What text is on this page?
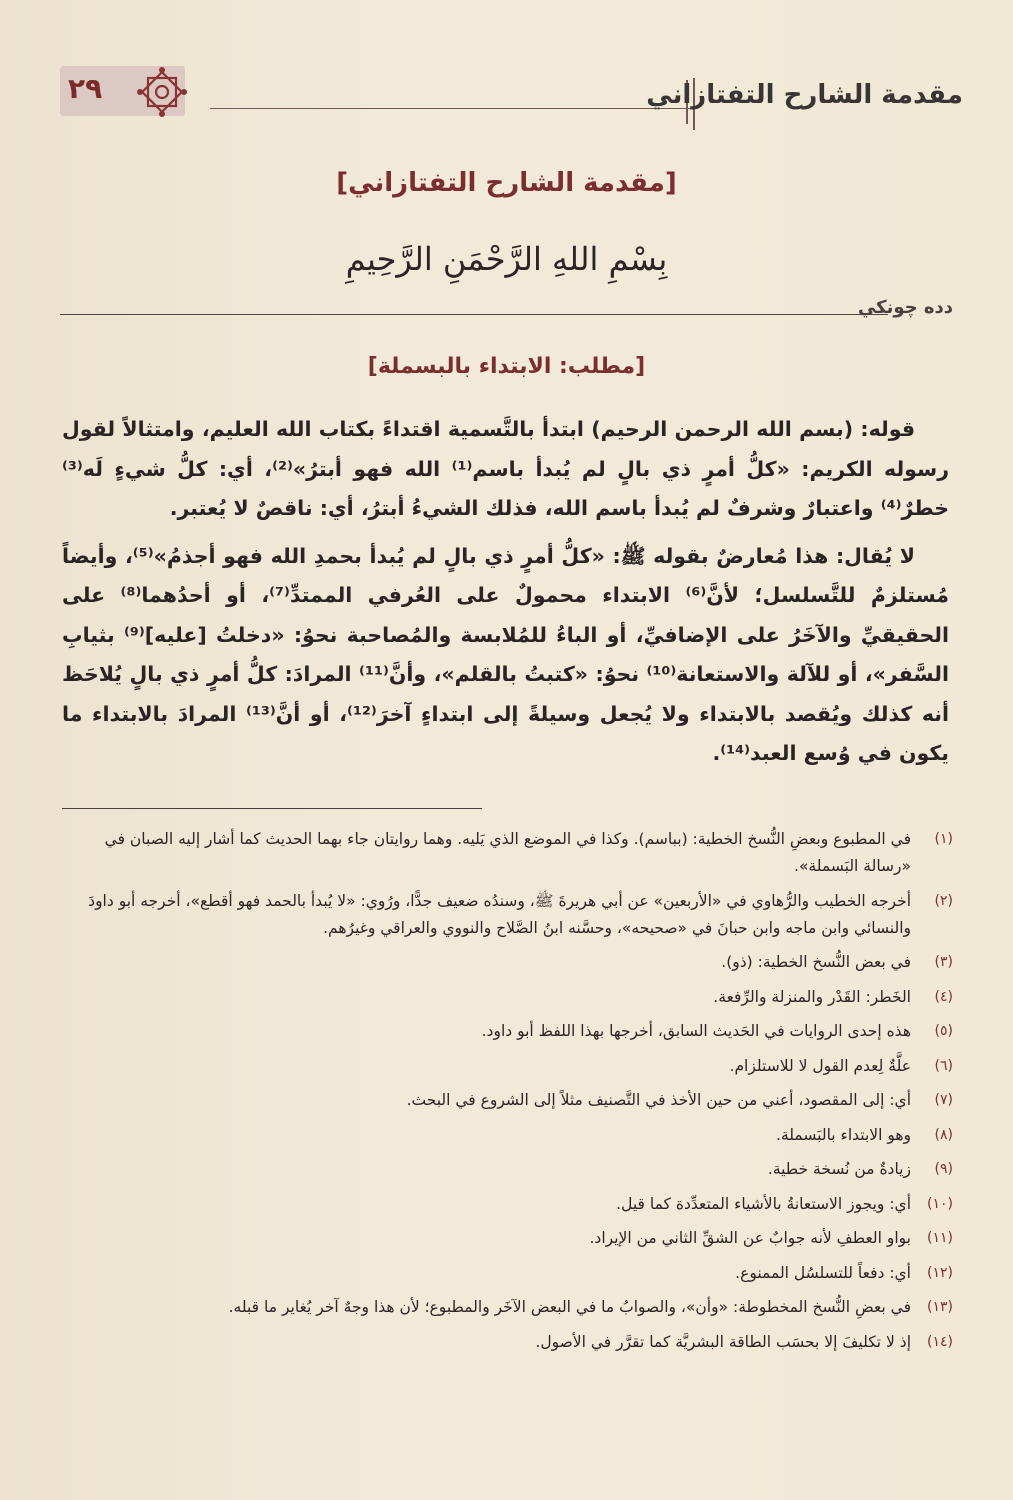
٢٩	مقدمة الشارح التفتازاني
[مقدمة الشارح التفتازاني]
بِسْمِ اللهِ الرَّحْمَنِ الرَّحِيمِ
دده چونكي
[مطلب: الابتداء بالبسملة]

قوله: (بسم الله الرحمن الرحيم) ابتدأ بالتَّسمية اقتداءً بكتاب الله العليم، وامتثالاً لقول رسوله الكريم: «كلُّ أمرٍ ذي بالٍ لم يُبدأ باسم⁽¹⁾ الله فهو أبترُ»⁽²⁾، أي: كلُّ شيءٍ لَه⁽³⁾ خطرٌ⁽⁴⁾ واعتبارٌ وشرفٌ لم يُبدأ باسم الله، فذلك الشيءُ أبترُ، أي: ناقصٌ لا يُعتبر.

لا يُقال: هذا مُعارضٌ بقوله ﷺ: «كلُّ أمرٍ ذي بالٍ لم يُبدأ بحمدِ الله فهو أجذمُ»⁽⁵⁾، وأيضاً مُستلزمٌ للتَّسلسل؛ لأنَّ⁽⁶⁾ الابتداء محمولٌ على العُرفي الممتدِّ⁽⁷⁾، أو أحدُهما⁽⁸⁾ على الحقيقيِّ والآخَرُ على الإضافيِّ، أو الباءُ للمُلابسة والمُصاحبة نحوُ: «دخلتُ [عليه]⁽⁹⁾ بثيابِ السَّفر»، أو للآلة والاستعانة⁽¹⁰⁾ نحوُ: «كتبتُ بالقلم»، وأنَّ⁽¹¹⁾ المرادَ: كلُّ أمرٍ ذي بالٍ يُلاحَظ أنه كذلك ويُقصد بالابتداء ولا يُجعل وسيلةً إلى ابتداءٍ آخرَ⁽¹²⁾، أو أنَّ⁽¹³⁾ المرادَ بالابتداء ما يكون في وُسع العبد⁽¹⁴⁾.

(١)
في المطبوع وبعضِ النُّسخ الخطية: (بباسم). وكذا في الموضع الذي يَليه. وهما روايتان جاء بهما الحديث كما أشار إليه الصبان في «رسالة البَسملة».
(٢)
أخرجه الخطيب والرُّهاوي في «الأربعين» عن أبي هريرةَ ﷺ، وسندُه ضعيف جدًّا، ورُوي: «لا يُبدأ بالحمد فهو أقطع»، أخرجه أبو داودَ والنسائي وابن ماجه وابن حبانَ في «صحيحه»، وحسَّنه ابنُ الصَّلاح والنووي والعراقي وغيرُهم.
(٣)
في بعض النُّسخ الخطية: (ذو).
(٤)
الخَطر: القَدْر والمنزلة والرِّفعة.
(٥)
هذه إحدى الروايات في الحَديث السابق، أخرجها بهذا اللفظ أبو داود.
(٦)
علَّةٌ لِعدم القول لا للاستلزام.
(٧)
أي: إلى المقصود، أعني من حين الأخذ في التَّصنيف مثلاً إلى الشروع في البحث.
(٨)
وهو الابتداء بالبَسملة.
(٩)
زيادةٌ من نُسخة خطية.
(١٠)
أي: ويجوز الاستعانةُ بالأشياء المتعدِّدة كما قيل.
(١١)
بواو العطفِ لأنه جوابٌ عن الشقِّ الثاني من الإيراد.
(١٢)
أي: دفعاً للتسلسُل الممنوع.
(١٣)
في بعضِ النُّسخ المخطوطة: «وأن»، والصوابُ ما في البعض الآخَر والمطبوع؛ لأن هذا وجهٌ آخر يُغاير ما قبله.
(١٤)
إذ لا تكليفَ إلا بحسَب الطاقة البشريَّة كما تقرَّر في الأصول.
